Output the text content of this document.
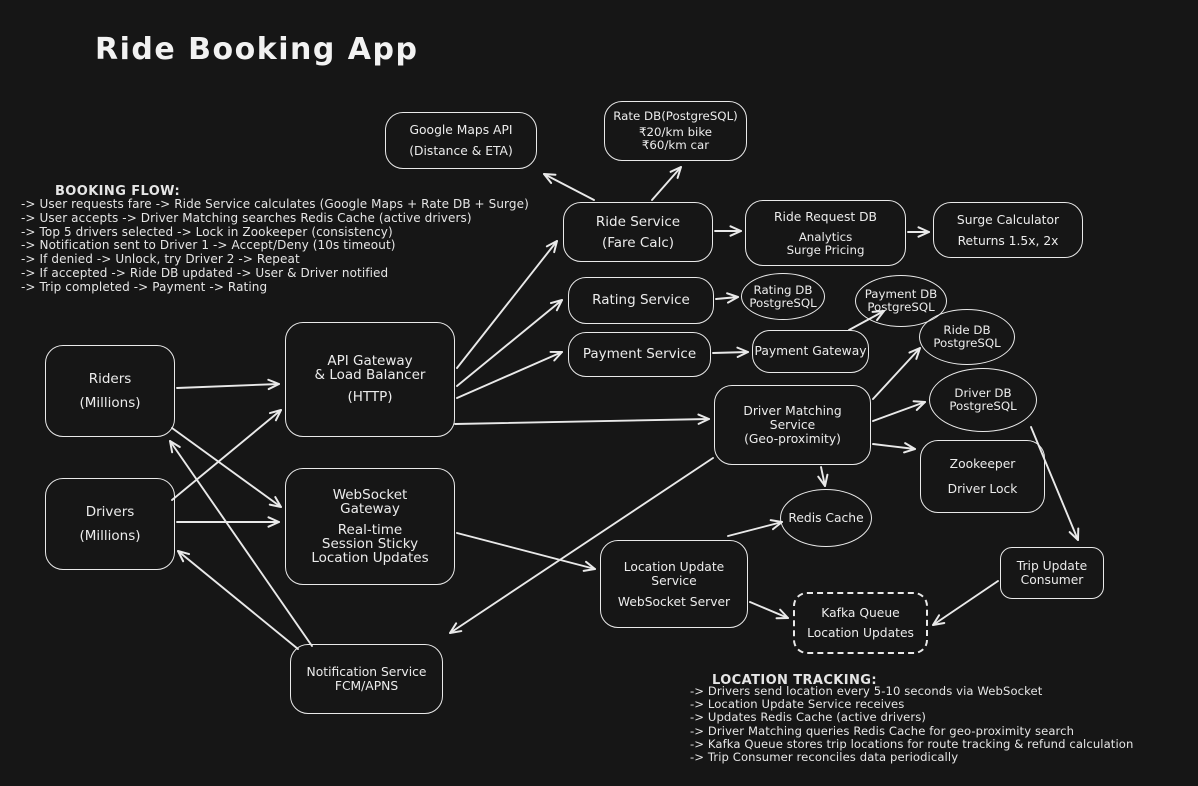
Ride Booking App
BOOKING FLOW:
-> User requests fare -> Ride Service calculates (Google Maps + Rate DB + Surge)
-> User accepts -> Driver Matching searches Redis Cache (active drivers)
-> Top 5 drivers selected -> Lock in Zookeeper (consistency)
-> Notification sent to Driver 1 -> Accept/Deny (10s timeout)
-> If denied -> Unlock, try Driver 2 -> Repeat
-> If accepted -> Ride DB updated -> User & Driver notified
-> Trip completed -> Payment -> Rating
LOCATION TRACKING:
-> Drivers send location every 5-10 seconds via WebSocket
-> Location Update Service receives
-> Updates Redis Cache (active drivers)
-> Driver Matching queries Redis Cache for geo-proximity search
-> Kafka Queue stores trip locations for route tracking & refund calculation
-> Trip Consumer reconciles data periodically
Riders
(Millions)
Drivers
(Millions)
API Gateway
& Load Balancer
(HTTP)
WebSocket
Gateway
Real-time
Session Sticky
Location Updates
Notification Service
FCM/APNS
Google Maps API
(Distance & ETA)
Rate DB(PostgreSQL)
₹20/km bike
₹60/km car
Ride Service
(Fare Calc)
Ride Request DB
Analytics
Surge Pricing
Surge Calculator
Returns 1.5x, 2x
Rating Service
Rating DB
PostgreSQL
Payment Service	Payment Gateway
Payment DB
PostgreSQL
Ride DB
PostgreSQL
Driver Matching
Service
(Geo-proximity)
Driver DB
PostgreSQL
Zookeeper
Driver Lock
Redis Cache
Location Update
Service
WebSocket Server
Kafka Queue
Location Updates
Trip Update
Consumer
